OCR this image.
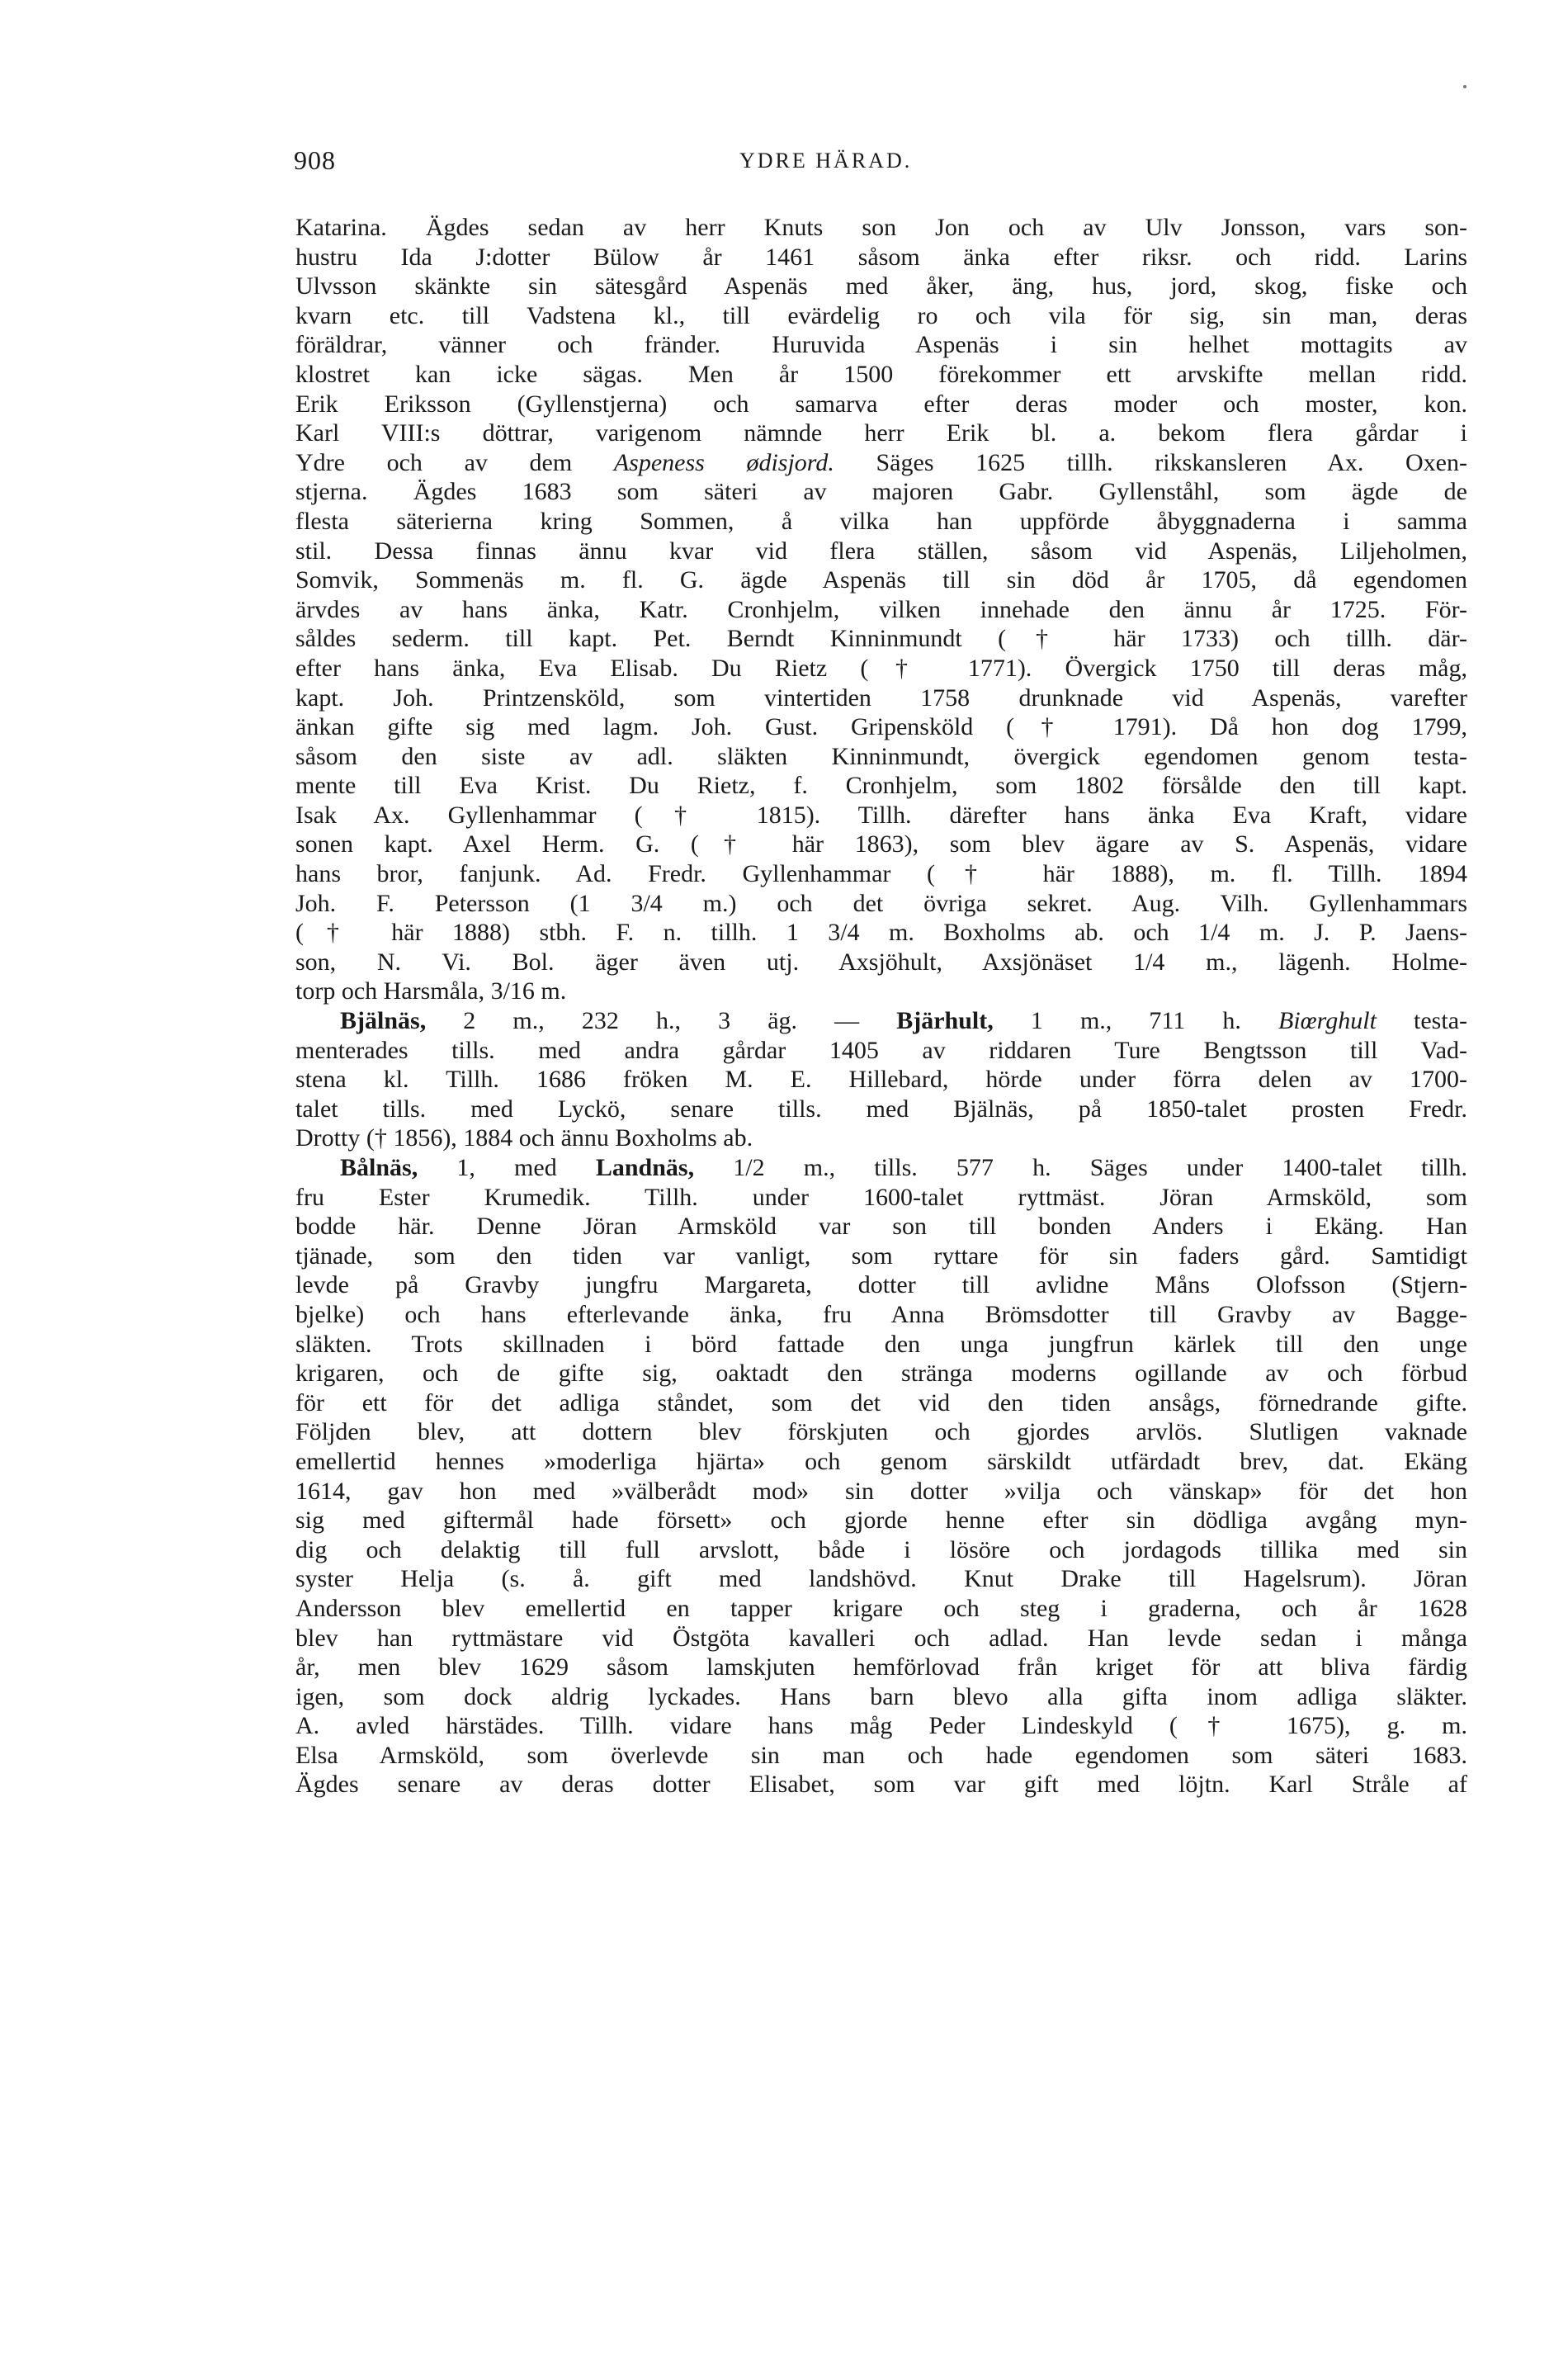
908	YDRE HÄRAD.
Katarina. Ägdes sedan av herr Knuts son Jon och av Ulv Jonsson, vars son-
hustru Ida J:dotter Bülow år 1461 såsom änka efter riksr. och ridd. Larins
Ulvsson skänkte sin sätesgård Aspenäs med åker, äng, hus, jord, skog, fiske och
kvarn etc. till Vadstena kl., till evärdelig ro och vila för sig, sin man, deras
föräldrar, vänner och fränder. Huruvida Aspenäs i sin helhet mottagits av
klostret kan icke sägas. Men år 1500 förekommer ett arvskifte mellan ridd.
Erik Eriksson (Gyllenstjerna) och samarva efter deras moder och moster, kon.
Karl VIII:s döttrar, varigenom nämnde herr Erik bl. a. bekom flera gårdar i
Ydre och av dem Aspeness ødisjord. Säges 1625 tillh. rikskansleren Ax. Oxen-
stjerna. Ägdes 1683 som säteri av majoren Gabr. Gyllenståhl, som ägde de
flesta säterierna kring Sommen, å vilka han uppförde åbyggnaderna i samma
stil. Dessa finnas ännu kvar vid flera ställen, såsom vid Aspenäs, Liljeholmen,
Somvik, Sommenäs m. fl. G. ägde Aspenäs till sin död år 1705, då egendomen
ärvdes av hans änka, Katr. Cronhjelm, vilken innehade den ännu år 1725. För-
såldes sederm. till kapt. Pet. Berndt Kinninmundt († här 1733) och tillh. där-
efter hans änka, Eva Elisab. Du Rietz († 1771). Övergick 1750 till deras måg,
kapt. Joh. Printzensköld, som vintertiden 1758 drunknade vid Aspenäs, varefter
änkan gifte sig med lagm. Joh. Gust. Gripensköld († 1791). Då hon dog 1799,
såsom den siste av adl. släkten Kinninmundt, övergick egendomen genom testa-
mente till Eva Krist. Du Rietz, f. Cronhjelm, som 1802 försålde den till kapt.
Isak Ax. Gyllenhammar († 1815). Tillh. därefter hans änka Eva Kraft, vidare
sonen kapt. Axel Herm. G. († här 1863), som blev ägare av S. Aspenäs, vidare
hans bror, fanjunk. Ad. Fredr. Gyllenhammar († här 1888), m. fl. Tillh. 1894
Joh. F. Petersson (1 3/4 m.) och det övriga sekret. Aug. Vilh. Gyllenhammars
(† här 1888) stbh. F. n. tillh. 1 3/4 m. Boxholms ab. och 1/4 m. J. P. Jaens-
son, N. Vi. Bol. äger även utj. Axsjöhult, Axsjönäset 1/4 m., lägenh. Holme-
torp och Harsmåla, 3/16 m.
Bjälnäs, 2 m., 232 h., 3 äg. — Bjärhult, 1 m., 711 h. Biœrghult testa-
menterades tills. med andra gårdar 1405 av riddaren Ture Bengtsson till Vad-
stena kl. Tillh. 1686 fröken M. E. Hillebard, hörde under förra delen av 1700-
talet tills. med Lyckö, senare tills. med Bjälnäs, på 1850-talet prosten Fredr.
Drotty († 1856), 1884 och ännu Boxholms ab.
Bålnäs, 1, med Landnäs, 1/2 m., tills. 577 h. Säges under 1400-talet tillh.
fru Ester Krumedik. Tillh. under 1600-talet ryttmäst. Jöran Armsköld, som
bodde här. Denne Jöran Armsköld var son till bonden Anders i Ekäng. Han
tjänade, som den tiden var vanligt, som ryttare för sin faders gård. Samtidigt
levde på Gravby jungfru Margareta, dotter till avlidne Måns Olofsson (Stjern-
bjelke) och hans efterlevande änka, fru Anna Brömsdotter till Gravby av Bagge-
släkten. Trots skillnaden i börd fattade den unga jungfrun kärlek till den unge
krigaren, och de gifte sig, oaktadt den stränga moderns ogillande av och förbud
för ett för det adliga ståndet, som det vid den tiden ansågs, förnedrande gifte.
Följden blev, att dottern blev förskjuten och gjordes arvlös. Slutligen vaknade
emellertid hennes »moderliga hjärta» och genom särskildt utfärdadt brev, dat. Ekäng
1614, gav hon med »välberådt mod» sin dotter »vilja och vänskap» för det hon
sig med giftermål hade försett» och gjorde henne efter sin dödliga avgång myn-
dig och delaktig till full arvslott, både i lösöre och jordagods tillika med sin
syster Helja (s. å. gift med landshövd. Knut Drake till Hagelsrum). Jöran
Andersson blev emellertid en tapper krigare och steg i graderna, och år 1628
blev han ryttmästare vid Östgöta kavalleri och adlad. Han levde sedan i många
år, men blev 1629 såsom lamskjuten hemförlovad från kriget för att bliva färdig
igen, som dock aldrig lyckades. Hans barn blevo alla gifta inom adliga släkter.
A. avled härstädes. Tillh. vidare hans måg Peder Lindeskyld († 1675), g. m.
Elsa Armsköld, som överlevde sin man och hade egendomen som säteri 1683.
Ägdes senare av deras dotter Elisabet, som var gift med löjtn. Karl Stråle af
